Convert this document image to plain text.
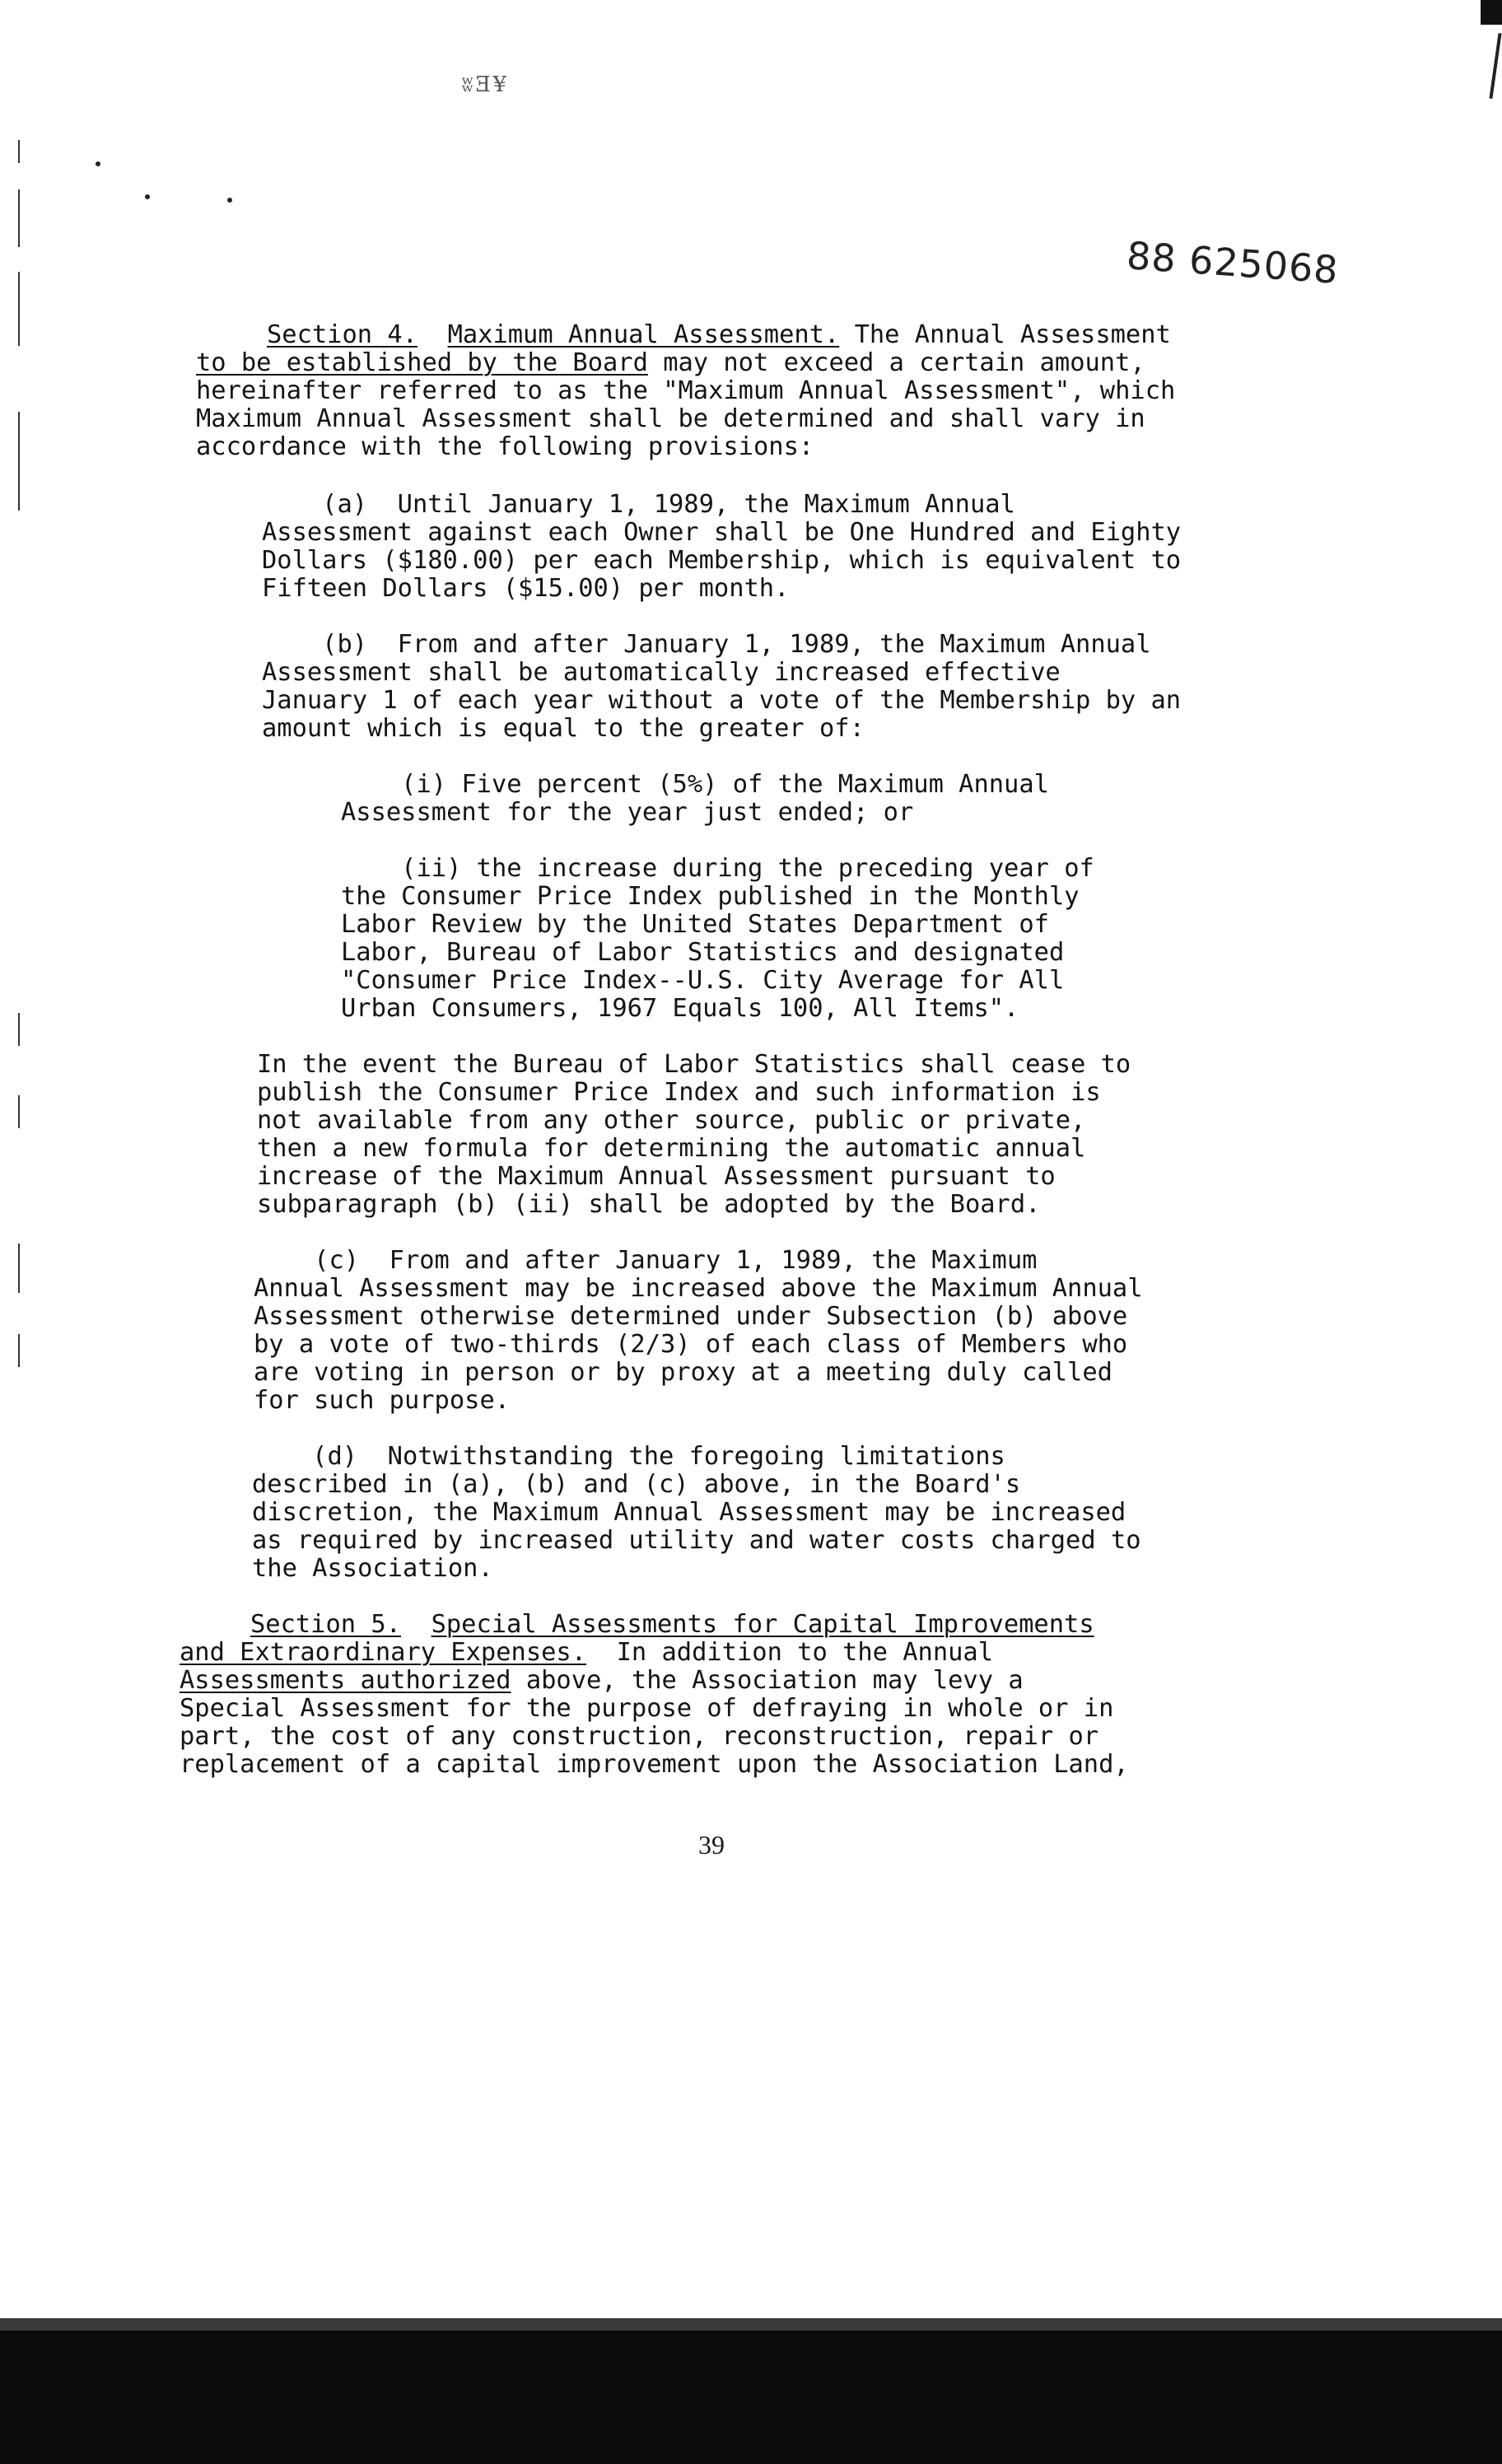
ʬƎ¥
88 625068
Section 4. Maximum Annual Assessment. The Annual Assessment
to be established by the Board may not exceed a certain amount,
hereinafter referred to as the "Maximum Annual Assessment", which
Maximum Annual Assessment shall be determined and shall vary in
accordance with the following provisions:
(a)  Until January 1, 1989, the Maximum Annual
Assessment against each Owner shall be One Hundred and Eighty
Dollars ($180.00) per each Membership, which is equivalent to
Fifteen Dollars ($15.00) per month.
(b)  From and after January 1, 1989, the Maximum Annual
Assessment shall be automatically increased effective
January 1 of each year without a vote of the Membership by an
amount which is equal to the greater of:
(i) Five percent (5%) of the Maximum Annual
Assessment for the year just ended; or
(ii) the increase during the preceding year of
the Consumer Price Index published in the Monthly
Labor Review by the United States Department of
Labor, Bureau of Labor Statistics and designated
"Consumer Price Index--U.S. City Average for All
Urban Consumers, 1967 Equals 100, All Items".
In the event the Bureau of Labor Statistics shall cease to
publish the Consumer Price Index and such information is
not available from any other source, public or private,
then a new formula for determining the automatic annual
increase of the Maximum Annual Assessment pursuant to
subparagraph (b) (ii) shall be adopted by the Board.
(c)  From and after January 1, 1989, the Maximum
Annual Assessment may be increased above the Maximum Annual
Assessment otherwise determined under Subsection (b) above
by a vote of two-thirds (2/3) of each class of Members who
are voting in person or by proxy at a meeting duly called
for such purpose.
(d)  Notwithstanding the foregoing limitations
described in (a), (b) and (c) above, in the Board's
discretion, the Maximum Annual Assessment may be increased
as required by increased utility and water costs charged to
the Association.
Section 5. Special Assessments for Capital Improvements
and Extraordinary Expenses.  In addition to the Annual
Assessments authorized above, the Association may levy a
Special Assessment for the purpose of defraying in whole or in
part, the cost of any construction, reconstruction, repair or
replacement of a capital improvement upon the Association Land,
39
